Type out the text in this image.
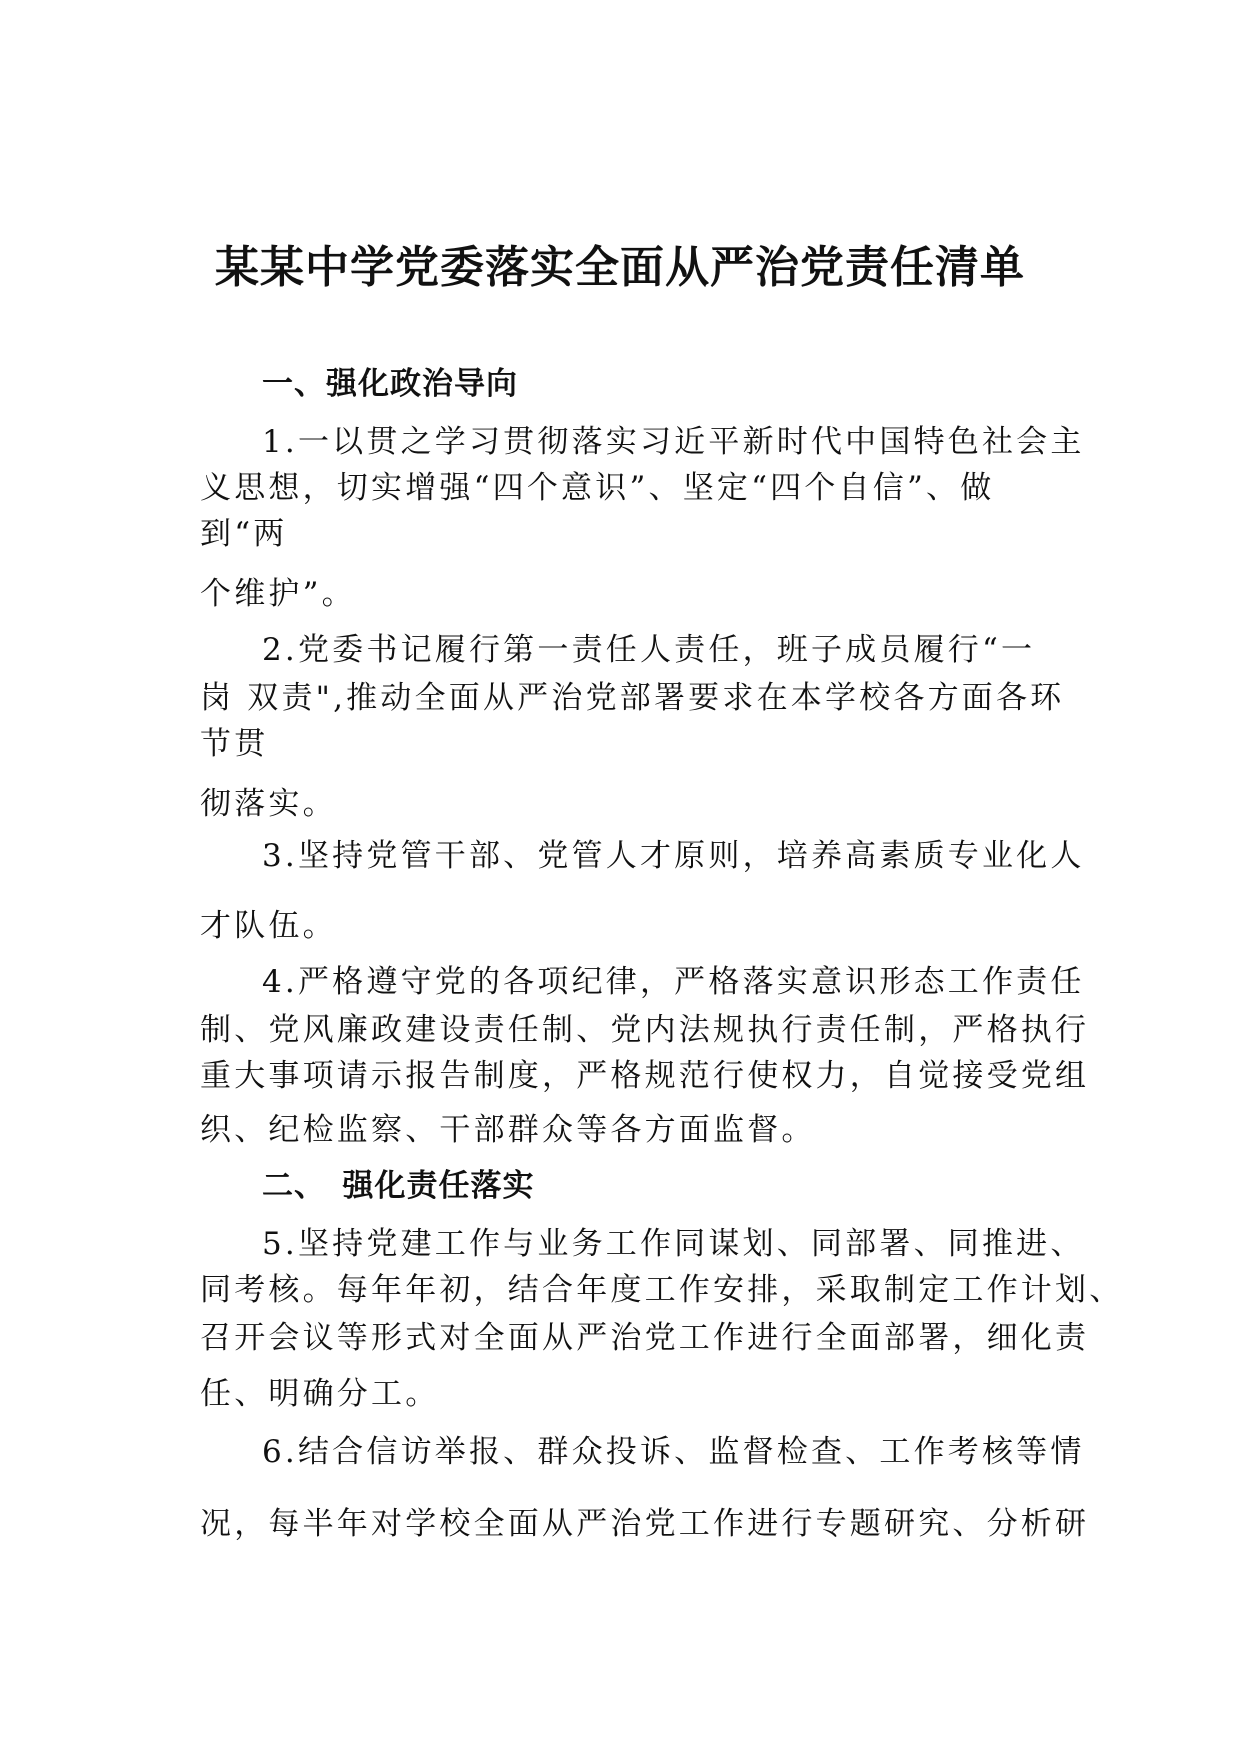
某某中学党委落实全面从严治党责任清单
一、强化政治导向
1.一以贯之学习贯彻落实习近平新时代中国特色社会主
义思想，切实增强“四个意识”、坚定“四个自信”、做
到“两
个维护”。
2.党委书记履行第一责任人责任，班子成员履行“一
岗 双责",推动全面从严治党部署要求在本学校各方面各环
节贯
彻落实。
3.坚持党管干部、党管人才原则，培养高素质专业化人
才队伍。
4.严格遵守党的各项纪律，严格落实意识形态工作责任
制、党风廉政建设责任制、党内法规执行责任制，严格执行
重大事项请示报告制度，严格规范行使权力，自觉接受党组
织、纪检监察、干部群众等各方面监督。
二、　强化责任落实
5.坚持党建工作与业务工作同谋划、同部署、同推进、
同考核。每年年初，结合年度工作安排，采取制定工作计划、
召开会议等形式对全面从严治党工作进行全面部署，细化责
任、明确分工。
6.结合信访举报、群众投诉、监督检查、工作考核等情
况，每半年对学校全面从严治党工作进行专题研究、分析研
